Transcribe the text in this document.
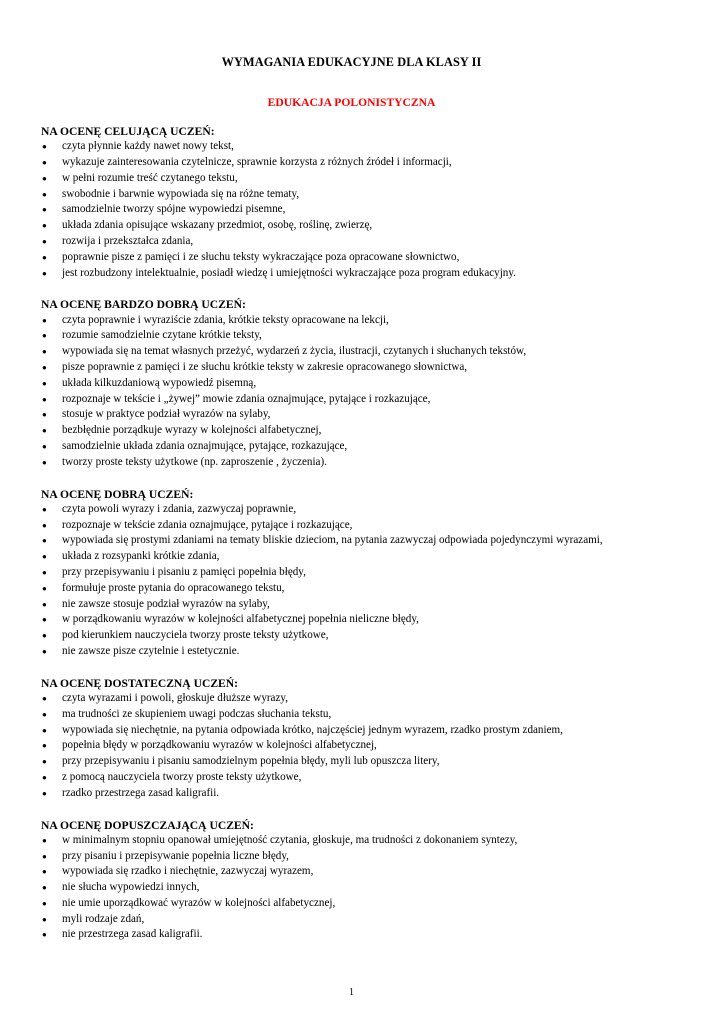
WYMAGANIA EDUKACYJNE DLA KLASY II
EDUKACJA POLONISTYCZNA
NA OCENĘ CELUJĄCĄ UCZEŃ:
● czyta płynnie każdy nawet nowy tekst,
● wykazuje zainteresowania czytelnicze, sprawnie korzysta z różnych źródeł i informacji,
● w pełni rozumie treść czytanego tekstu,
● swobodnie i barwnie wypowiada się na różne tematy,
● samodzielnie tworzy spójne wypowiedzi pisemne,
● układa zdania opisujące wskazany przedmiot, osobę, roślinę, zwierzę,
● rozwija i przekształca zdania,
● poprawnie pisze z pamięci i ze słuchu teksty wykraczające poza opracowane słownictwo,
● jest rozbudzony intelektualnie, posiadł wiedzę i umiejętności wykraczające poza program edukacyjny.
NA OCENĘ BARDZO DOBRĄ UCZEŃ:
● czyta poprawnie i wyraziście zdania, krótkie teksty opracowane na lekcji,
● rozumie samodzielnie czytane krótkie teksty,
● wypowiada się na temat własnych przeżyć, wydarzeń z życia, ilustracji, czytanych i słuchanych tekstów,
● pisze poprawnie z pamięci i ze słuchu krótkie teksty w zakresie opracowanego słownictwa,
● układa kilkuzdaniową wypowiedź pisemną,
● rozpoznaje w tekście i „żywej” mowie zdania oznajmujące, pytające i rozkazujące,
● stosuje w praktyce podział wyrazów na sylaby,
● bezbłędnie porządkuje wyrazy w kolejności alfabetycznej,
● samodzielnie układa zdania oznajmujące, pytające, rozkazujące,
● tworzy proste teksty użytkowe (np. zaproszenie , życzenia).
NA OCENĘ DOBRĄ UCZEŃ:
● czyta powoli wyrazy i zdania, zazwyczaj poprawnie,
● rozpoznaje w tekście zdania oznajmujące, pytające i rozkazujące,
● wypowiada się prostymi zdaniami na tematy bliskie dzieciom, na pytania zazwyczaj odpowiada pojedynczymi wyrazami,
● układa z rozsypanki krótkie zdania,
● przy przepisywaniu i pisaniu z pamięci popełnia błędy,
● formułuje proste pytania do opracowanego tekstu,
● nie zawsze stosuje podział wyrazów na sylaby,
● w porządkowaniu wyrazów w kolejności alfabetycznej popełnia nieliczne błędy,
● pod kierunkiem nauczyciela tworzy proste teksty użytkowe,
● nie zawsze pisze czytelnie i estetycznie.
NA OCENĘ DOSTATECZNĄ UCZEŃ:
● czyta wyrazami i powoli, głoskuje dłuższe wyrazy,
● ma trudności ze skupieniem uwagi podczas słuchania tekstu,
● wypowiada się niechętnie, na pytania odpowiada krótko, najczęściej jednym wyrazem, rzadko prostym zdaniem,
● popełnia błędy w porządkowaniu wyrazów w kolejności alfabetycznej,
● przy przepisywaniu i pisaniu samodzielnym popełnia błędy, myli lub opuszcza litery,
● z pomocą nauczyciela tworzy proste teksty użytkowe,
● rzadko przestrzega zasad kaligrafii.
NA OCENĘ DOPUSZCZAJĄCĄ UCZEŃ:
● w minimalnym stopniu opanował umiejętność czytania, głoskuje, ma trudności z dokonaniem syntezy,
● przy pisaniu i przepisywanie popełnia liczne błędy,
● wypowiada się rzadko i niechętnie, zazwyczaj wyrazem,
● nie słucha wypowiedzi innych,
● nie umie uporządkować wyrazów w kolejności alfabetycznej,
● myli rodzaje zdań,
● nie przestrzega zasad kaligrafii.
1
